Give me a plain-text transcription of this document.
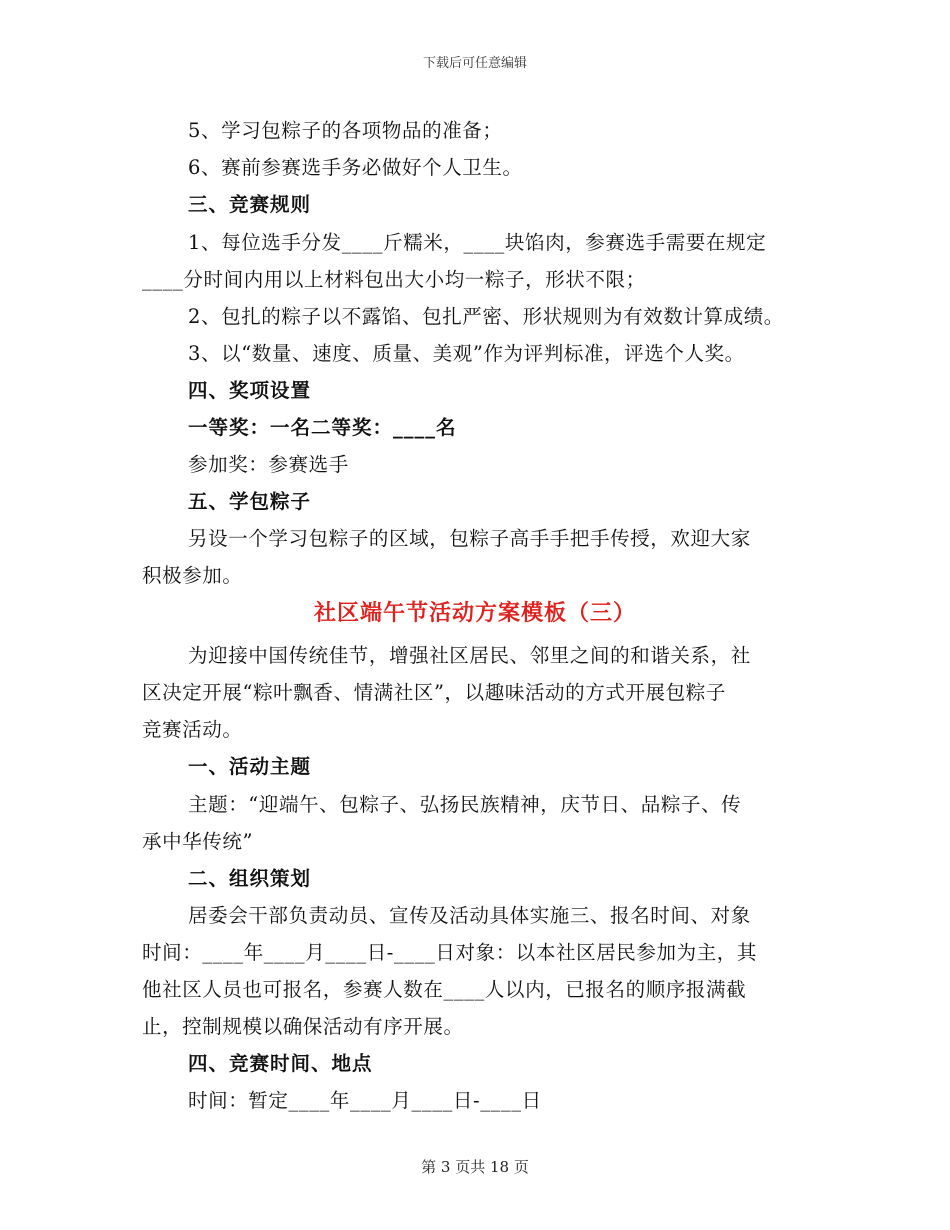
下载后可任意编辑
5、学习包粽子的各项物品的准备；
6、赛前参赛选手务必做好个人卫生。
三、竞赛规则
1、每位选手分发____斤糯米，____块馅肉，参赛选手需要在规定
____分时间内用以上材料包出大小均一粽子，形状不限；
2、包扎的粽子以不露馅、包扎严密、形状规则为有效数计算成绩。
3、以“数量、速度、质量、美观”作为评判标准，评选个人奖。
四、奖项设置
一等奖：一名二等奖：____名
参加奖：参赛选手
五、学包粽子
另设一个学习包粽子的区域，包粽子高手手把手传授，欢迎大家
积极参加。
社区端午节活动方案模板（三）
为迎接中国传统佳节，增强社区居民、邻里之间的和谐关系，社
区决定开展“粽叶飘香、情满社区”，以趣味活动的方式开展包粽子
竞赛活动。
一、活动主题
主题：“迎端午、包粽子、弘扬民族精神，庆节日、品粽子、传
承中华传统”
二、组织策划
居委会干部负责动员、宣传及活动具体实施三、报名时间、对象
时间：____年____月____日-____日对象：以本社区居民参加为主，其
他社区人员也可报名，参赛人数在____人以内，已报名的顺序报满截
止，控制规模以确保活动有序开展。
四、竞赛时间、地点
时间：暂定____年____月____日-____日
第 3 页共 18 页
